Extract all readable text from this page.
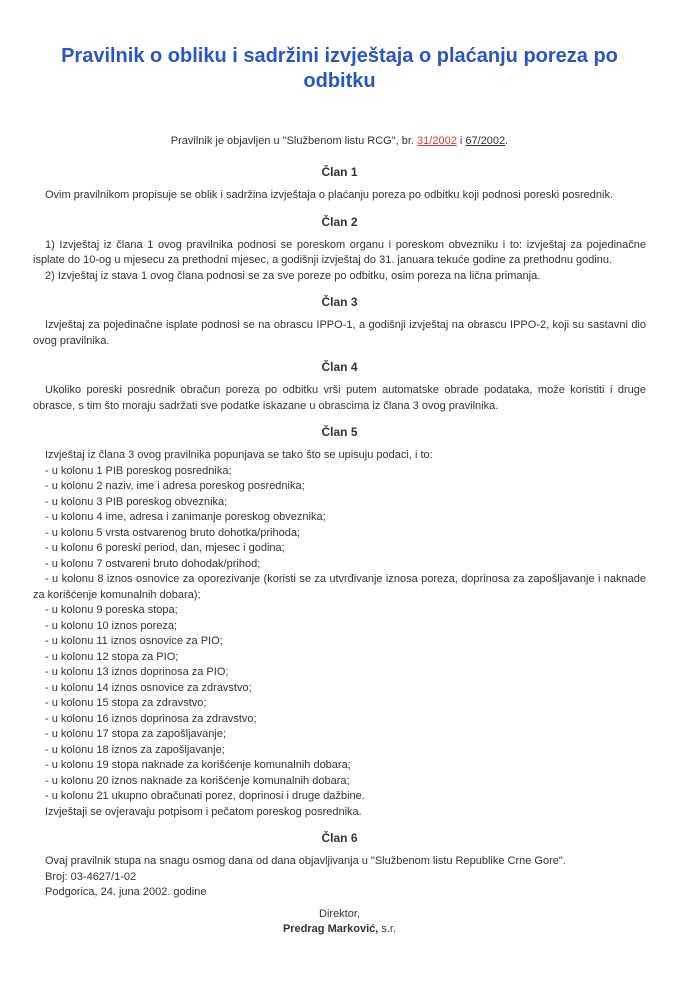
Pravilnik o obliku i sadržini izvještaja o plaćanju poreza po odbitku

Pravilnik je objavljen u "Službenom listu RCG", br. 31/2002 i 67/2002.

Član 1

Ovim pravilnikom propisuje se oblik i sadržina izvještaja o plaćanju poreza po odbitku koji podnosi poreski posrednik.

Član 2

1) Izvještaj iz člana 1 ovog pravilnika podnosi se poreskom organu i poreskom obvezniku i to: izvještaj za pojedinačne isplate do 10-og u mjesecu za prethodni mjesec, a godišnji izvještaj do 31. januara tekuće godine za prethodnu godinu.

2) Izvještaj iz stava 1 ovog člana podnosi se za sve poreze po odbitku, osim poreza na lična primanja.

Član 3

Izvještaj za pojedinačne isplate podnosi se na obrascu IPPO-1, a godišnji izvještaj na obrascu IPPO-2, koji su sastavni dio ovog pravilnika.

Član 4

Ukoliko poreski posrednik obračun poreza po odbitku vrši putem automatske obrade podataka, može koristiti i druge obrasce, s tim što moraju sadržati sve podatke iskazane u obrascima iz člana 3 ovog pravilnika.

Član 5

Izvještaj iz člana 3 ovog pravilnika popunjava se tako što se upisuju podaci, i to:

- u kolonu 1 PIB poreskog posrednika;

- u kolonu 2 naziv, ime i adresa poreskog posrednika;

- u kolonu 3 PIB poreskog obveznika;

- u kolonu 4 ime, adresa i zanimanje poreskog obveznika;

- u kolonu 5 vrsta ostvarenog bruto dohotka/prihoda;

- u kolonu 6 poreski period, dan, mjesec i godina;

- u kolonu 7 ostvareni bruto dohodak/prihod;

- u kolonu 8 iznos osnovice za oporezivanje (koristi se za utvrđivanje iznosa poreza, doprinosa za zapošljavanje i naknade za korišćenje komunalnih dobara);

- u kolonu 9 poreska stopa;

- u kolonu 10 iznos poreza;

- u kolonu 11 iznos osnovice za PIO;

- u kolonu 12 stopa za PIO;

- u kolonu 13 iznos doprinosa za PIO;

- u kolonu 14 iznos osnovice za zdravstvo;

- u kolonu 15 stopa za zdravstvo;

- u kolonu 16 iznos doprinosa za zdravstvo;

- u kolonu 17 stopa za zapošljavanje;

- u kolonu 18 iznos za zapošljavanje;

- u kolonu 19 stopa naknade za korišćenje komunalnih dobara;

- u kolonu 20 iznos naknade za korišćenje komunalnih dobara;

- u kolonu 21 ukupno obračunati porez, doprinosi i druge dažbine.

Izvještaji se ovjeravaju potpisom i pečatom poreskog posrednika.

Član 6

Ovaj pravilnik stupa na snagu osmog dana od dana objavljivanja u "Službenom listu Republike Crne Gore".

Broj: 03-4627/1-02

Podgorica, 24. juna 2002. godine

Direktor,

Predrag Marković, s.r.
